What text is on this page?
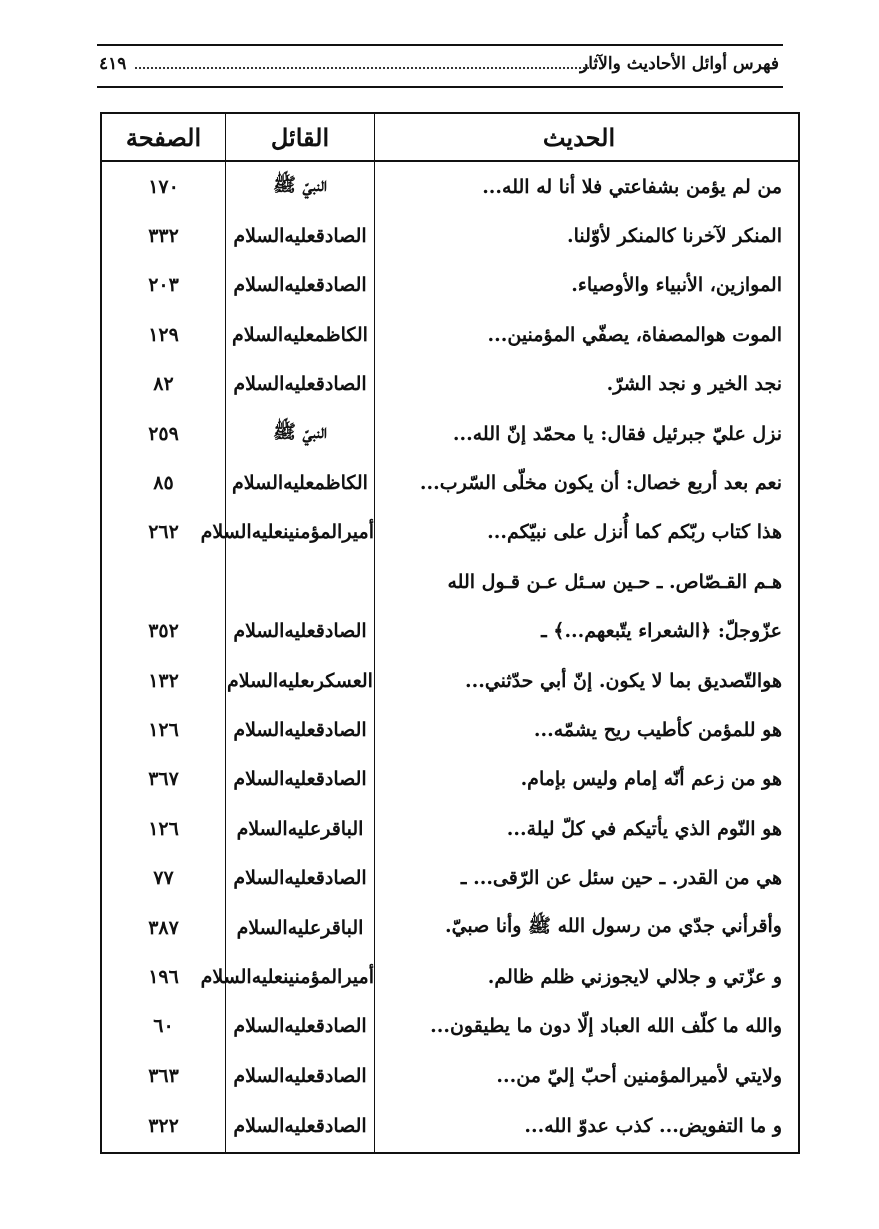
فهرس أوائل الأحاديث والآثار
٤١٩
الحديث	القائل	الصفحة
من لم يؤمن بشفاعتي فلا أنا له الله...	النبيّ ﷺ	١٧٠
المنكر لآخرنا كالمنكر لأوّلنا.	الصادقعليه‌السلام	٣٣٢
الموازين، الأنبياء والأوصياء.	الصادقعليه‌السلام	٢٠٣
الموت هوالمصفاة، يصفّي المؤمنين...	الكاظمعليه‌السلام	١٢٩
نجد الخير و نجد الشرّ.	الصادقعليه‌السلام	٨٢
نزل عليّ جبرئيل فقال: يا محمّد إنّ الله...	النبيّ ﷺ	٢٥٩
نعم بعد أربع خصال: أن يكون مخلّى السّرب...	الكاظمعليه‌السلام	٨٥
هذا كتاب ربّكم كما أُنزل على نبيّكم...	أميرالمؤمنينعليه‌السلام	٢٦٢
هـم القـصّاص. ـ حـين سـئل عـن قـول الله		
عزّوجلّ: ﴿الشعراء يتّبعهم...﴾ ـ	الصادقعليه‌السلام	٣٥٢
هوالتّصديق بما لا يكون. إنّ أبي حدّثني...	العسكرىعليه‌السلام	١٣٢
هو للمؤمن كأطيب ريح يشمّه...	الصادقعليه‌السلام	١٢٦
هو من زعم أنّه إمام وليس بإمام.	الصادقعليه‌السلام	٣٦٧
هو النّوم الذي يأتيكم في كلّ ليلة...	الباقرعليه‌السلام	١٢٦
هي من القدر. ـ حين سئل عن الرّقى... ـ	الصادقعليه‌السلام	٧٧
وأقرأني جدّي من رسول الله ﷺ وأنا صبيّ.	الباقرعليه‌السلام	٣٨٧
و عزّتي و جلالي لايجوزني ظلم ظالم.	أميرالمؤمنينعليه‌السلام	١٩٦
والله ما كلّف الله العباد إلّا دون ما يطيقون...	الصادقعليه‌السلام	٦٠
ولايتي لأميرالمؤمنين أحبّ إليّ من...	الصادقعليه‌السلام	٣٦٣
و ما التفويض... كذب عدوّ الله...	الصادقعليه‌السلام	٣٢٢
